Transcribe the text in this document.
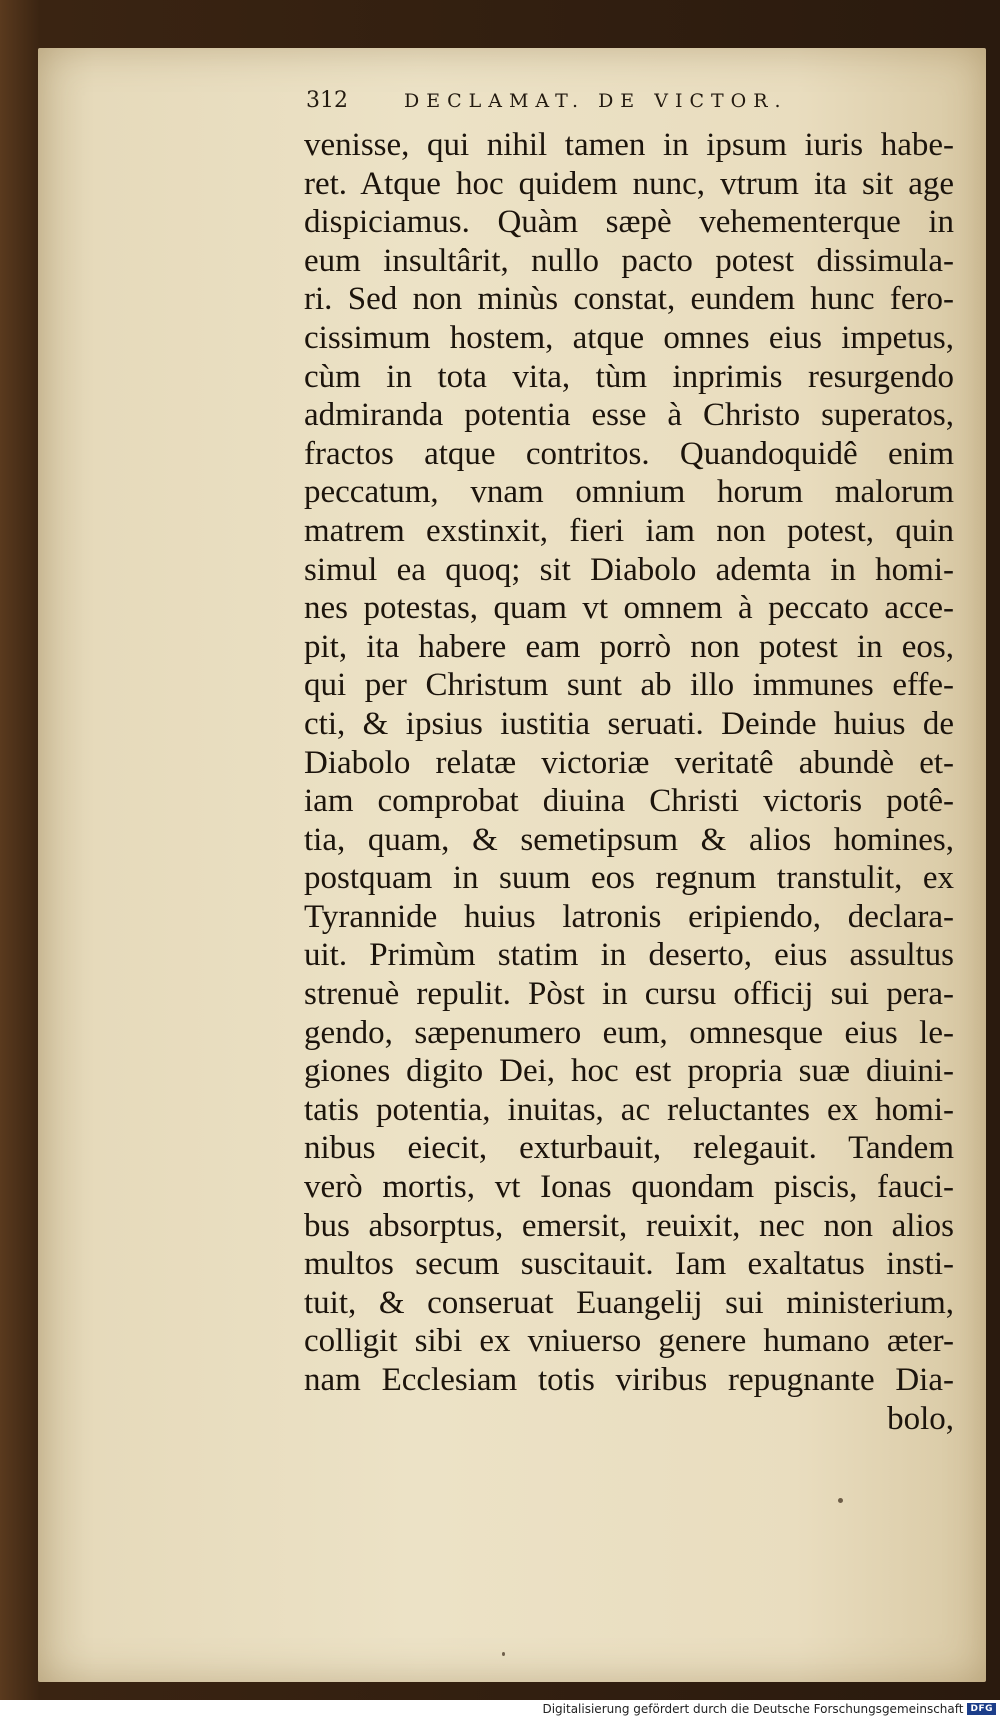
312	DECLAMAT. DE VICTOR.
venisse, qui nihil tamen in ipsum iuris habe-
ret. Atque hoc quidem nunc, vtrum ita sit age
dispiciamus. Quàm sæpè vehementerque in
eum insultârit, nullo pacto potest dissimula-
ri. Sed non minùs constat, eundem hunc fero-
cissimum hostem, atque omnes eius impetus,
cùm in tota vita, tùm inprimis resurgendo
admiranda potentia esse à Christo superatos,
fractos atque contritos. Quandoquidê enim
peccatum, vnam omnium horum malorum
matrem exstinxit, fieri iam non potest, quin
simul ea quoq; sit Diabolo ademta in homi-
nes potestas, quam vt omnem à peccato acce-
pit, ita habere eam porrò non potest in eos,
qui per Christum sunt ab illo immunes effe-
cti, & ipsius iustitia seruati. Deinde huius de
Diabolo relatæ victoriæ veritatê abundè et-
iam comprobat diuina Christi victoris potê-
tia, quam, & semetipsum & alios homines,
postquam in suum eos regnum transtulit, ex
Tyrannide huius latronis eripiendo, declara-
uit. Primùm statim in deserto, eius assultus
strenuè repulit. Pòst in cursu officij sui pera-
gendo, sæpenumero eum, omnesque eius le-
giones digito Dei, hoc est propria suæ diuini-
tatis potentia, inuitas, ac reluctantes ex homi-
nibus eiecit, exturbauit, relegauit. Tandem
verò mortis, vt Ionas quondam piscis, fauci-
bus absorptus, emersit, reuixit, nec non alios
multos secum suscitauit. Iam exaltatus insti-
tuit, & conseruat Euangelij sui ministerium,
colligit sibi ex vniuerso genere humano æter-
nam Ecclesiam totis viribus repugnante Dia-
bolo,
Digitalisierung gefördert durch die Deutsche Forschungsgemeinschaft DFG
